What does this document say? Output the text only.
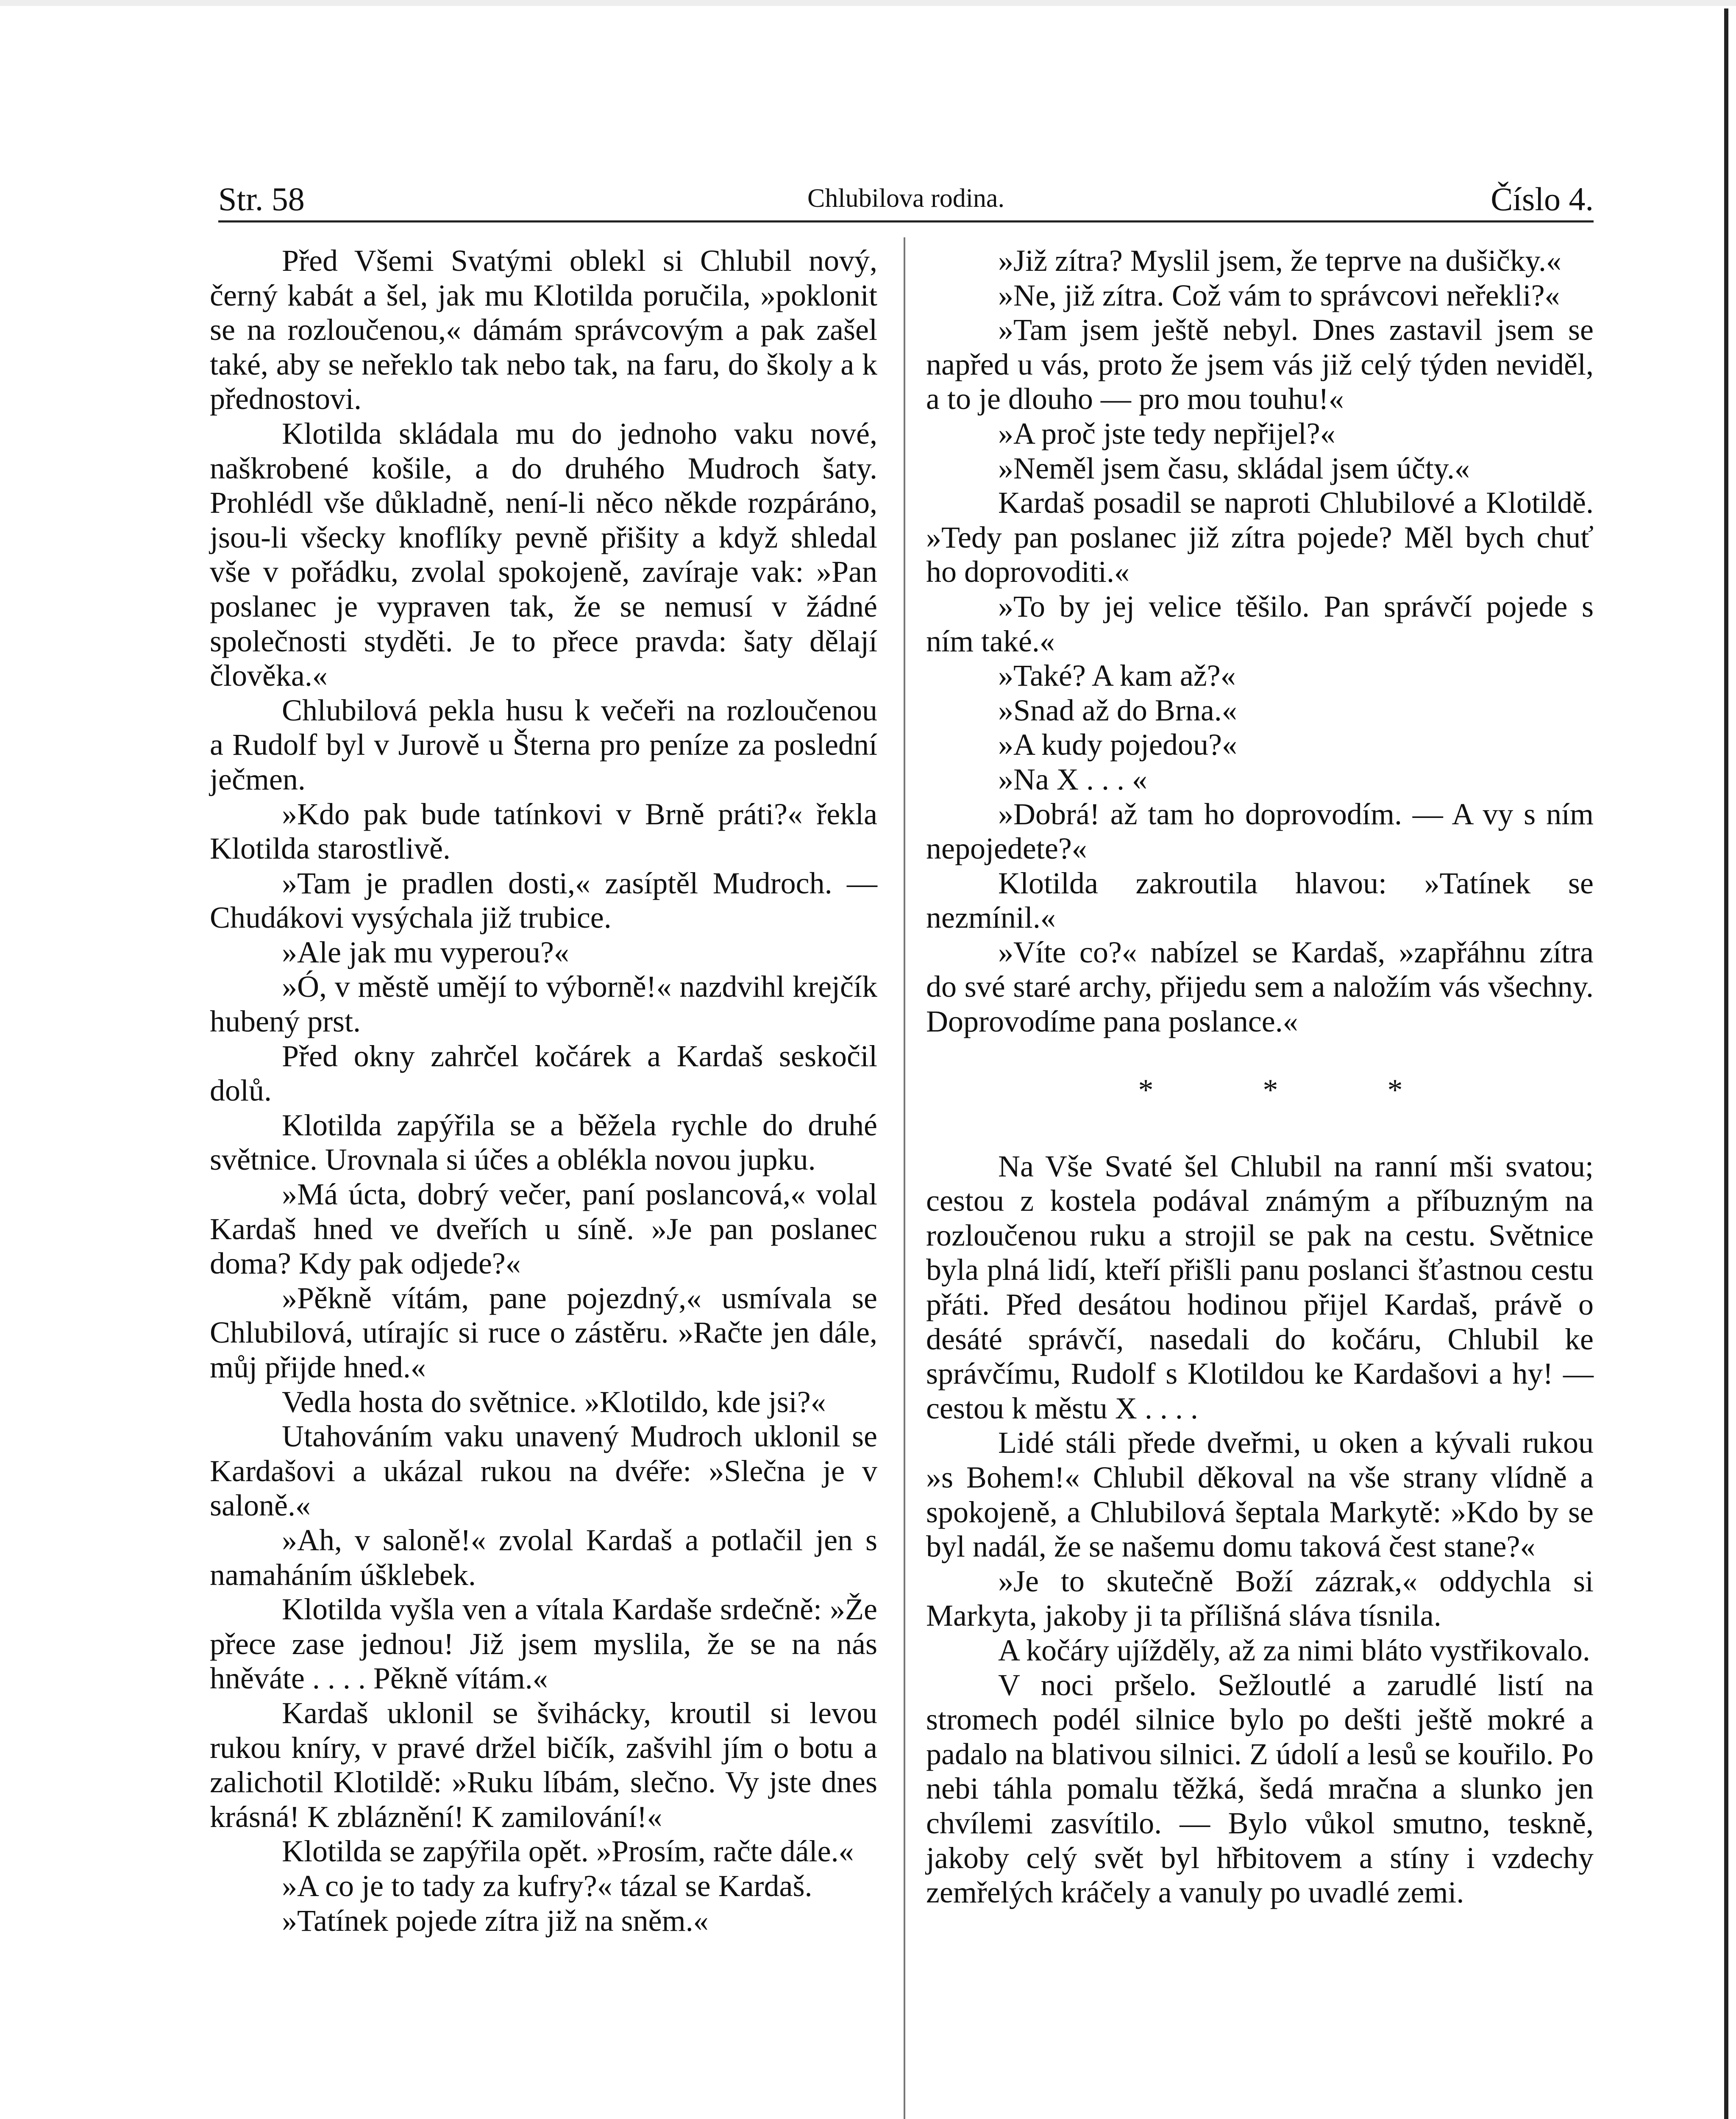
Str. 58	Chlubilova rodina.	Číslo 4.

Před Všemi Svatými oblekl si Chlubil nový, černý kabát a šel, jak mu Klotilda poručila, »poklonit se na rozloučenou,« dámám správcovým a pak zašel také, aby se neřeklo tak nebo tak, na faru, do školy a k přednostovi.

Klotilda skládala mu do jednoho vaku nové, naškrobené košile, a do druhého Mudroch šaty. Prohlédl vše důkladně, není-li něco někde rozpáráno, jsou-li všecky knoflíky pevně přišity a když shledal vše v pořádku, zvolal spokojeně, zavíraje vak: »Pan poslanec je vypraven tak, že se nemusí v žádné společnosti styděti. Je to přece pravda: šaty dělají člověka.«

Chlubilová pekla husu k večeři na rozloučenou a Rudolf byl v Jurově u Šterna pro peníze za poslední ječmen.

»Kdo pak bude tatínkovi v Brně práti?« řekla Klotilda starostlivě.

»Tam je pradlen dosti,« zasíptěl Mudroch. — Chudákovi vysýchala již trubice.

»Ale jak mu vyperou?«

»Ó, v městě umějí to výborně!« nazdvihl krejčík hubený prst.

Před okny zahrčel kočárek a Kardaš seskočil dolů.

Klotilda zapýřila se a běžela rychle do druhé světnice. Urovnala si účes a oblékla novou jupku.

»Má úcta, dobrý večer, paní poslancová,« volal Kardaš hned ve dveřích u síně. »Je pan poslanec doma? Kdy pak odjede?«

»Pěkně vítám, pane pojezdný,« usmívala se Chlubilová, utírajíc si ruce o zástěru. »Račte jen dále, můj přijde hned.«

Vedla hosta do světnice. »Klotildo, kde jsi?«

Utahováním vaku unavený Mudroch uklonil se Kardašovi a ukázal rukou na dvéře: »Slečna je v saloně.«

»Ah, v saloně!« zvolal Kardaš a potlačil jen s namaháním úšklebek.

Klotilda vyšla ven a vítala Kardaše srdečně: »Že přece zase jednou! Již jsem myslila, že se na nás hněváte . . . . Pěkně vítám.«

Kardaš uklonil se švihácky, kroutil si levou rukou kníry, v pravé držel bičík, zašvihl jím o botu a zalichotil Klotildě: »Ruku líbám, slečno. Vy jste dnes krásná! K zbláznění! K zamilování!«

Klotilda se zapýřila opět. »Prosím, račte dále.«

»A co je to tady za kufry?« tázal se Kardaš.

»Tatínek pojede zítra již na sněm.«

»Již zítra? Myslil jsem, že teprve na dušičky.«

»Ne, již zítra. Což vám to správcovi neřekli?«

»Tam jsem ještě nebyl. Dnes zastavil jsem se napřed u vás, proto že jsem vás již celý týden neviděl, a to je dlouho — pro mou touhu!«

»A proč jste tedy nepřijel?«

»Neměl jsem času, skládal jsem účty.«

Kardaš posadil se naproti Chlubilové a Klotildě. »Tedy pan poslanec již zítra pojede? Měl bych chuť ho doprovoditi.«

»To by jej velice těšilo. Pan správčí pojede s ním také.«

»Také? A kam až?«

»Snad až do Brna.«

»A kudy pojedou?«

»Na X . . . «

»Dobrá! až tam ho doprovodím. — A vy s ním nepojedete?«

Klotilda zakroutila hlavou: »Tatínek se nezmínil.«

»Víte co?« nabízel se Kardaš, »zapřáhnu zítra do své staré archy, přijedu sem a naložím vás všechny. Doprovodíme pana poslance.«

* * *

Na Vše Svaté šel Chlubil na ranní mši svatou; cestou z kostela podával známým a příbuzným na rozloučenou ruku a strojil se pak na cestu. Světnice byla plná lidí, kteří přišli panu poslanci šťastnou cestu přáti. Před desátou hodinou přijel Kardaš, právě o desáté správčí, nasedali do kočáru, Chlubil ke správčímu, Rudolf s Klotildou ke Kardašovi a hy! — cestou k městu X . . . .

Lidé stáli přede dveřmi, u oken a kývali rukou »s Bohem!« Chlubil děkoval na vše strany vlídně a spokojeně, a Chlubilová šeptala Markytě: »Kdo by se byl nadál, že se našemu domu taková čest stane?«

»Je to skutečně Boží zázrak,« oddychla si Markyta, jakoby ji ta přílišná sláva tísnila.

A kočáry ujížděly, až za nimi bláto vystřikovalo.

V noci pršelo. Sežloutlé a zarudlé listí na stromech podél silnice bylo po dešti ještě mokré a padalo na blativou silnici. Z údolí a lesů se kouřilo. Po nebi táhla pomalu těžká, šedá mračna a slunko jen chvílemi zasvítilo. — Bylo vůkol smutno, teskně, jakoby celý svět byl hřbitovem a stíny i vzdechy zemřelých kráčely a vanuly po uvadlé zemi.
